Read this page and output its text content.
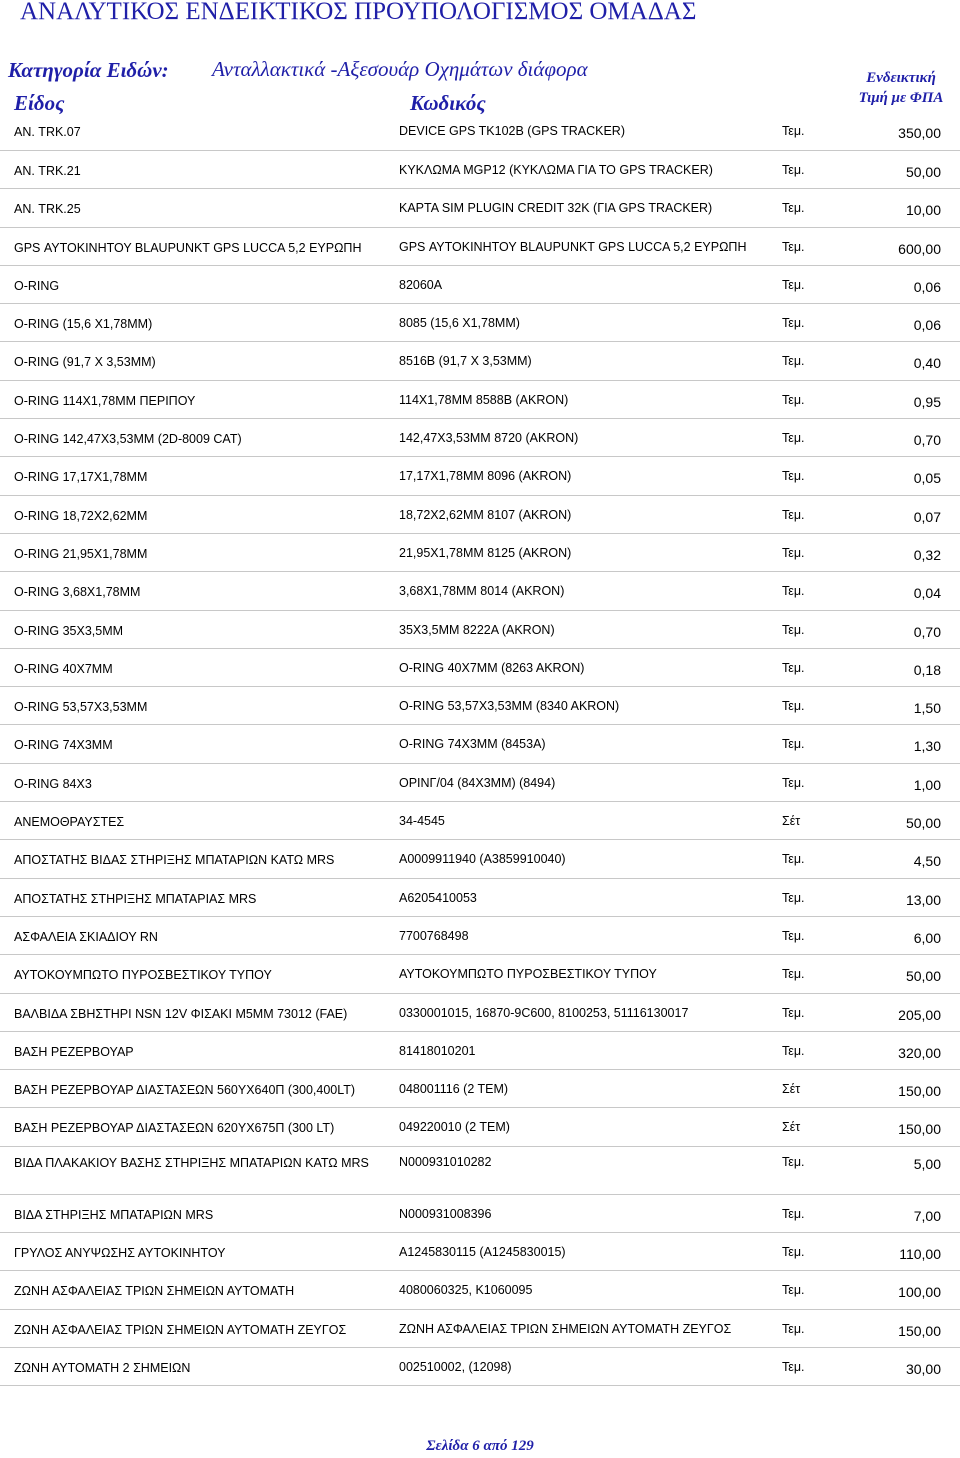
ΑΝΑΛΥΤΙΚΟΣ ΕΝΔΕΙΚΤΙΚΟΣ ΠΡΟΥΠΟΛΟΓΙΣΜΟΣ ΟΜΑΔΑΣ
Κατηγορία Ειδών: Ανταλλακτικά -Αξεσουάρ Οχημάτων διάφορα
Είδος	Κωδικός
Ενδεικτική
Τιμή με ΦΠΑ
ΑΝ. TRK.07	DEVICE GPS TK102B (GPS TRACKER)	Τεμ.	350,00
ΑΝ. TRK.21	ΚΥΚΛΩΜΑ MGP12 (ΚΥΚΛΩΜΑ ΓΙΑ ΤΟ GPS TRACKER)	Τεμ.	50,00
ΑΝ. TRK.25	ΚΑΡΤΑ SIM PLUGIN CREDIT 32K (ΓΙΑ GPS TRACKER)	Τεμ.	10,00
GPS ΑΥΤΟΚΙΝΗΤΟΥ BLAUPUNKT GPS LUCCA 5,2 ΕΥΡΩΠΗ	GPS ΑΥΤΟΚΙΝΗΤΟΥ BLAUPUNKT GPS LUCCA 5,2 ΕΥΡΩΠΗ	Τεμ.	600,00
O-RING	82060A	Τεμ.	0,06
O-RING (15,6 X1,78MM)	8085 (15,6 X1,78MM)	Τεμ.	0,06
O-RING (91,7 X 3,53MM)	8516B (91,7 X 3,53MM)	Τεμ.	0,40
O-RING 114X1,78MM ΠΕΡΙΠΟΥ	114X1,78MM 8588B (AKRON)	Τεμ.	0,95
O-RING 142,47X3,53MM (2D-8009 CAT)	142,47X3,53MM 8720 (AKRON)	Τεμ.	0,70
O-RING 17,17X1,78MM	17,17X1,78MM 8096 (AKRON)	Τεμ.	0,05
O-RING 18,72X2,62MM	18,72X2,62MM 8107 (AKRON)	Τεμ.	0,07
O-RING 21,95X1,78MM	21,95X1,78MM 8125 (AKRON)	Τεμ.	0,32
O-RING 3,68X1,78MM	3,68X1,78MM 8014 (AKRON)	Τεμ.	0,04
O-RING 35X3,5MM	35X3,5MM 8222A (AKRON)	Τεμ.	0,70
O-RING 40X7MM	O-RING 40X7MM (8263 AKRON)	Τεμ.	0,18
O-RING 53,57X3,53MM	O-RING 53,57X3,53MM (8340 AKRON)	Τεμ.	1,50
O-RING 74X3MM	O-RING 74X3MM (8453A)	Τεμ.	1,30
O-RING 84X3	ΟΡΙΝΓ/04 (84X3MM) (8494)	Τεμ.	1,00
ΑΝΕΜΟΘΡΑΥΣΤΕΣ	34-4545	Σέτ	50,00
ΑΠΟΣΤΑΤΗΣ ΒΙΔΑΣ ΣΤΗΡΙΞΗΣ ΜΠΑΤΑΡΙΩΝ ΚΑΤΩ MRS	A0009911940 (A3859910040)	Τεμ.	4,50
ΑΠΟΣΤΑΤΗΣ ΣΤΗΡΙΞΗΣ ΜΠΑΤΑΡΙΑΣ MRS	A6205410053	Τεμ.	13,00
ΑΣΦΑΛΕΙΑ ΣΚΙΑΔΙΟΥ RN	7700768498	Τεμ.	6,00
ΑΥΤΟΚΟΥΜΠΩΤΟ ΠΥΡΟΣΒΕΣΤΙΚΟΥ ΤΥΠΟΥ	ΑΥΤΟΚΟΥΜΠΩΤΟ ΠΥΡΟΣΒΕΣΤΙΚΟΥ ΤΥΠΟΥ	Τεμ.	50,00
ΒΑΛΒΙΔΑ ΣΒΗΣΤΗΡΙ NSN 12V ΦΙΣΑΚΙ Μ5ΜΜ 73012 (FAE)	0330001015, 16870-9C600, 8100253, 51116130017	Τεμ.	205,00
ΒΑΣΗ ΡΕΖΕΡΒΟΥΑΡ	81418010201	Τεμ.	320,00
ΒΑΣΗ ΡΕΖΕΡΒΟΥΑΡ ΔΙΑΣΤΑΣΕΩΝ 560ΥΧ640Π (300,400LT)	048001116 (2 ΤΕΜ)	Σέτ	150,00
ΒΑΣΗ ΡΕΖΕΡΒΟΥΑΡ ΔΙΑΣΤΑΣΕΩΝ 620ΥΧ675Π (300 LT)	049220010 (2 ΤΕΜ)	Σέτ	150,00
ΒΙΔΑ ΠΛΑΚΑΚΙΟΥ ΒΑΣΗΣ ΣΤΗΡΙΞΗΣ ΜΠΑΤΑΡΙΩΝ ΚΑΤΩ MRS	N000931010282	Τεμ.	5,00
ΒΙΔΑ ΣΤΗΡΙΞΗΣ ΜΠΑΤΑΡΙΩΝ MRS	N000931008396	Τεμ.	7,00
ΓΡΥΛΟΣ ΑΝΥΨΩΣΗΣ ΑΥΤΟΚΙΝΗΤΟΥ	A1245830115 (A1245830015)	Τεμ.	110,00
ΖΩΝΗ ΑΣΦΑΛΕΙΑΣ ΤΡΙΩΝ ΣΗΜΕΙΩΝ ΑΥΤΟΜΑΤΗ	4080060325, K1060095	Τεμ.	100,00
ΖΩΝΗ ΑΣΦΑΛΕΙΑΣ ΤΡΙΩΝ ΣΗΜΕΙΩΝ ΑΥΤΟΜΑΤΗ ΖΕΥΓΟΣ	ΖΩΝΗ ΑΣΦΑΛΕΙΑΣ ΤΡΙΩΝ ΣΗΜΕΙΩΝ ΑΥΤΟΜΑΤΗ ΖΕΥΓΟΣ	Τεμ.	150,00
ΖΩΝΗ ΑΥΤΟΜΑΤΗ 2 ΣΗΜΕΙΩΝ	002510002, (12098)	Τεμ.	30,00
Σελίδα 6 από 129
